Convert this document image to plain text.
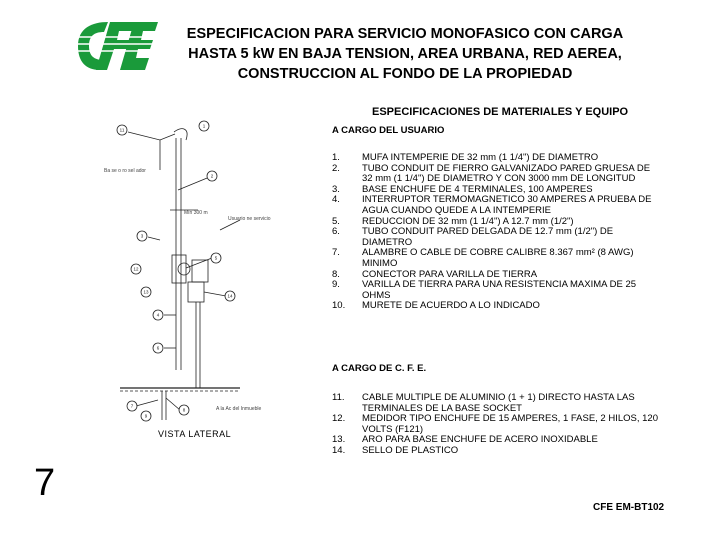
ESPECIFICACION PARA SERVICIO MONOFASICO CON CARGA
HASTA 5 kW EN BAJA TENSION, AREA URBANA, RED AEREA,
CONSTRUCCION AL FONDO DE LA PROPIEDAD
ESPECIFICACIONES DE MATERIALES Y EQUIPO
A CARGO DEL USUARIO
1.	MUFA INTEMPERIE DE 32 mm (1 1/4") DE DIAMETRO
2.	TUBO CONDUIT DE FIERRO GALVANIZADO PARED GRUESA DE 32 mm (1 1/4") DE DIAMETRO Y CON 3000 mm DE LONGITUD
3.	BASE ENCHUFE DE 4 TERMINALES, 100 AMPERES
4.	INTERRUPTOR TERMOMAGNETICO 30 AMPERES A PRUEBA DE AGUA CUANDO QUEDE A LA INTEMPERIE
5.	REDUCCION DE 32 mm (1 1/4") A 12.7 mm (1/2")
6.	TUBO CONDUIT PARED DELGADA DE 12.7 mm (1/2") DE DIAMETRO
7.	ALAMBRE O CABLE DE COBRE CALIBRE 8.367 mm² (8 AWG) MINIMO
8.	CONECTOR PARA VARILLA DE TIERRA
9.	VARILLA DE TIERRA PARA UNA RESISTENCIA MAXIMA DE 25 OHMS
10.	MURETE DE ACUERDO A LO INDICADO
A CARGO DE C. F. E.
11.	CABLE MULTIPLE DE ALUMINIO (1 + 1) DIRECTO HASTA LAS TERMINALES DE LA BASE SOCKET
12.	MEDIDOR TIPO ENCHUFE DE 15 AMPERES, 1 FASE, 2 HILOS, 120 VOLTS (F121)
13.	ARO PARA BASE ENCHUFE DE ACERO INOXIDABLE
14.	SELLO DE PLASTICO
11
1
2
3
13
5
12
14
4
6
7
8
9
Ba se o ro sel ador
Mín 300 m
Usuario ne servicio
A la Ac del Inmueble
VISTA LATERAL
7
CFE EM-BT102
